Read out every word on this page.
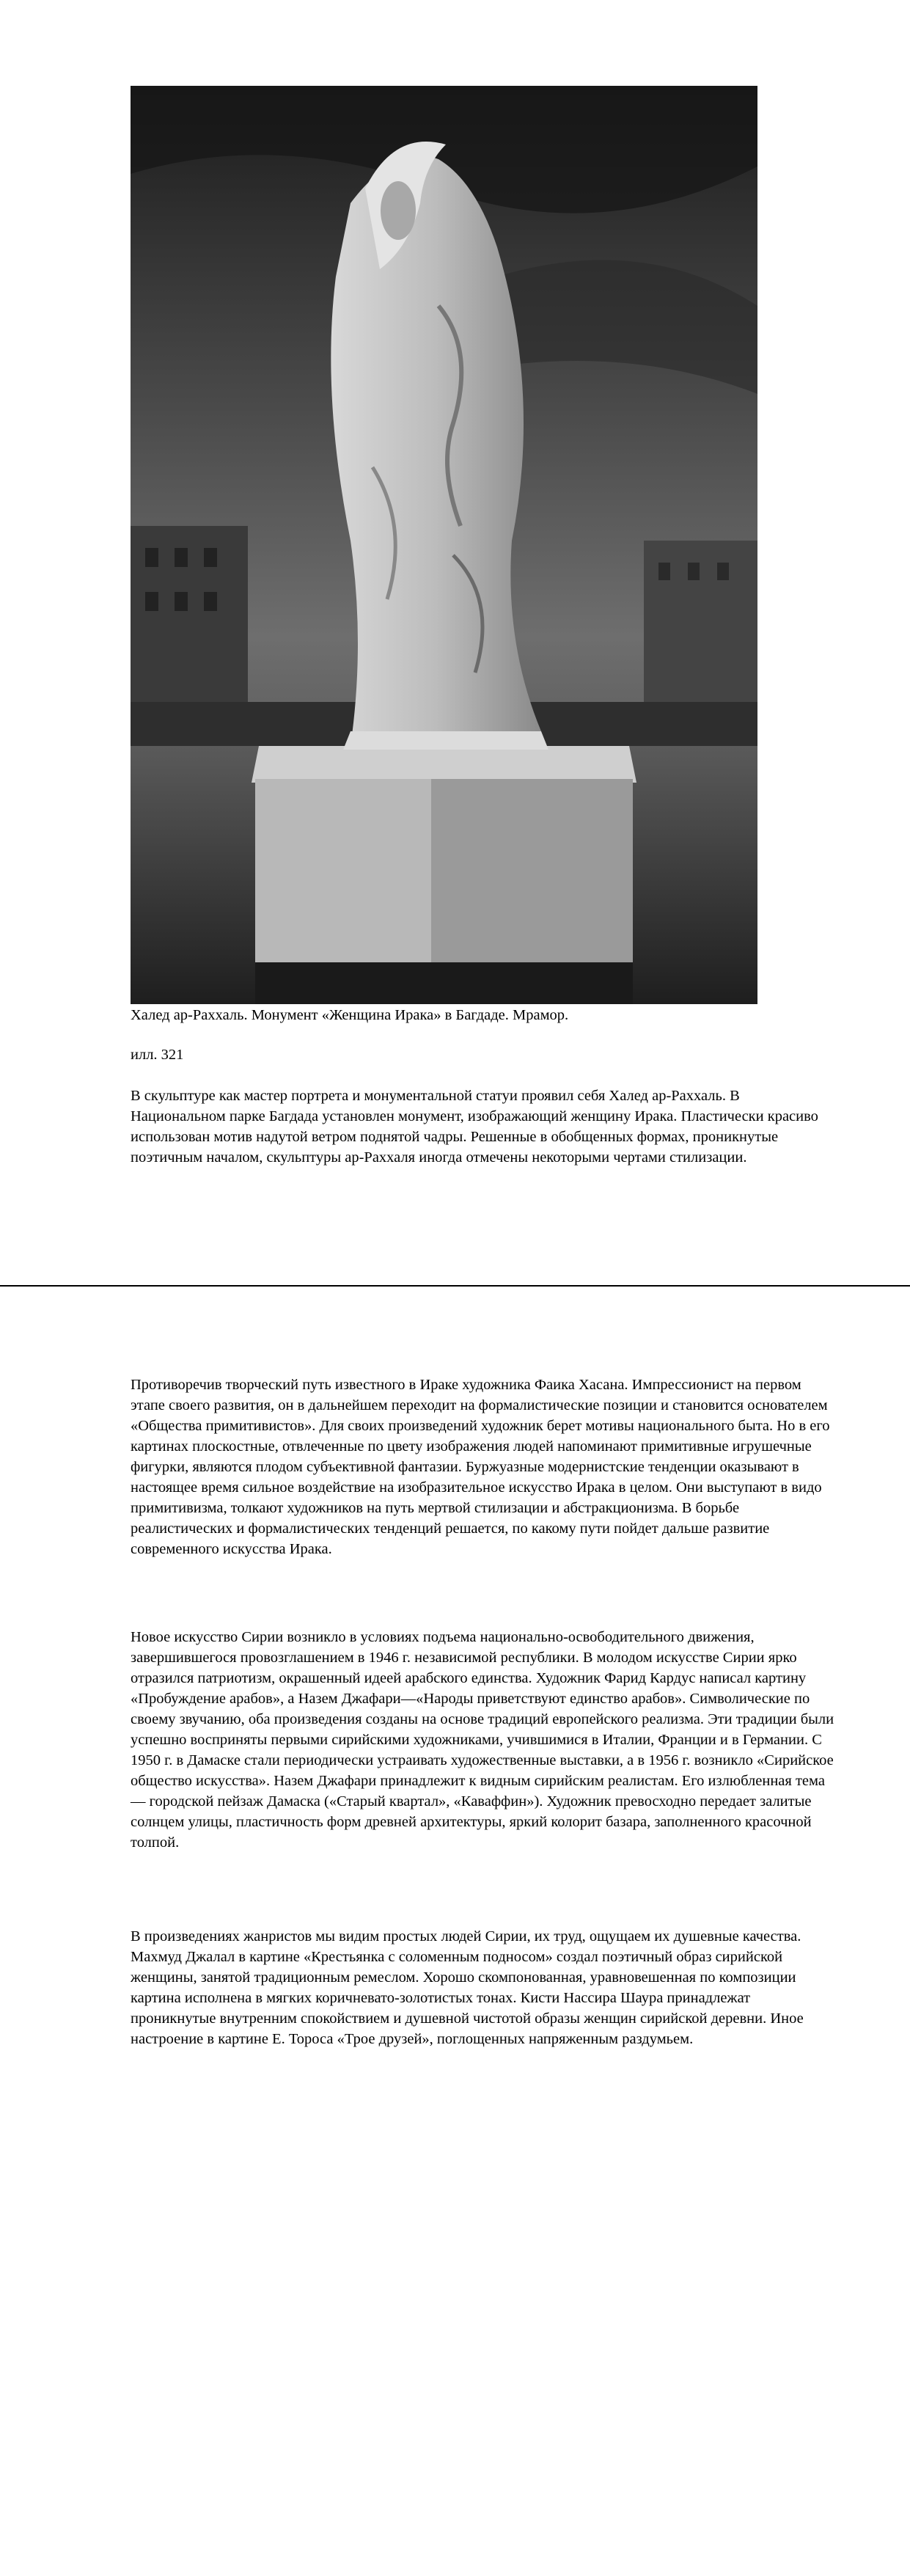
Халед ар-Раххаль. Монумент «Женщина Ирака» в Багдаде. Мрамор.

илл. 321

В скульптуре как мастер портрета и монументальной статуи проявил себя Халед ар-Раххаль. В Национальном парке Багдада установлен монумент, изображающий женщину Ирака. Пластически красиво использован мотив надутой ветром поднятой чадры. Решенные в обобщенных формах, проникнутые поэтичным началом, скульптуры ар-Раххаля иногда отмечены некоторыми чертами стилизации.

Противоречив творческий путь известного в Ираке художника Фаика Хасана. Импрессионист на первом этапе своего развития, он в дальнейшем переходит на формалистические позиции и становится основателем «Общества примитивистов». Для своих произведений художник берет мотивы национального быта. Но в его картинах плоскостные, отвлеченные по цвету изображения людей напоминают примитивные игрушечные фигурки, являются плодом субъективной фантазии. Буржуазные модернистские тенденции оказывают в настоящее время сильное воздействие на изобразительное искусство Ирака в целом. Они выступают в видо примитивизма, толкают художников на путь мертвой стилизации и абстракционизма. В борьбе реалистических и формалистических тенденций решается, по какому пути пойдет дальше развитие современного искусства Ирака.

Новое искусство Сирии возникло в условиях подъема национально-освободительного движения, завершившегося провозглашением в 1946 г. независимой республики. В молодом искусстве Сирии ярко отразился патриотизм, окрашенный идеей арабского единства. Художник Фарид Кардус написал картину «Пробуждение арабов», а Назем Джафари—«Народы приветствуют единство арабов». Символические по своему звучанию, оба произведения созданы на основе традиций европейского реализма. Эти традиции были успешно восприняты первыми сирийскими художниками, учившимися в Италии, Франции и в Германии. С 1950 г. в Дамаске стали периодически устраивать художественные выставки, а в 1956 г. возникло «Сирийское общество искусства». Назем Джафари принадлежит к видным сирийским реалистам. Его излюбленная тема — городской пейзаж Дамаска («Старый квартал», «Каваффин»). Художник превосходно передает залитые солнцем улицы, пластичность форм древней архитектуры, яркий колорит базара, заполненного красочной толпой.

В произведениях жанристов мы видим простых людей Сирии, их труд, ощущаем их душевные качества. Махмуд Джалал в картине «Крестьянка с соломенным подносом» создал поэтичный образ сирийской женщины, занятой традиционным ремеслом. Хорошо скомпонованная, уравновешенная по композиции картина исполнена в мягких коричневато-золотистых тонах. Кисти Нассира Шаура принадлежат проникнутые внутренним спокойствием и душевной чистотой образы женщин сирийской деревни. Иное настроение в картине Е. Тороса «Трое друзей», поглощенных напряженным раздумьем.
